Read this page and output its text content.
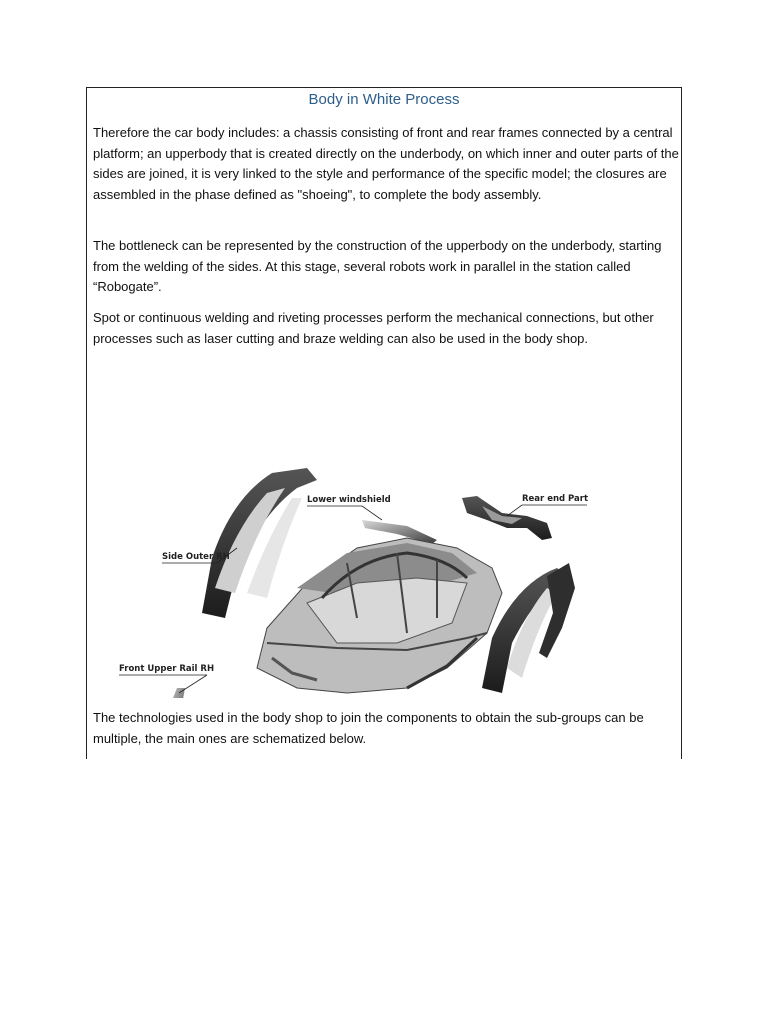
Body in White Process

Therefore the car body includes: a chassis consisting of front and rear frames connected by a central platform; an upperbody that is created directly on the underbody, on which inner and outer parts of the sides are joined, it is very linked to the style and performance of the specific model; the closures are assembled in the phase defined as "shoeing", to complete the body assembly.

The bottleneck can be represented by the construction of the upperbody on the underbody, starting from the welding of the sides. At this stage, several robots work in parallel in the station called “Robogate”.

Spot or continuous welding and riveting processes perform the mechanical connections, but other processes such as laser cutting and braze welding can also be used in the body shop.

Lower windshield	Rear end Part
Side Outer RH
Front Upper Rail RH

The technologies used in the body shop to join the components to obtain the sub-groups can be multiple, the main ones are schematized below.
